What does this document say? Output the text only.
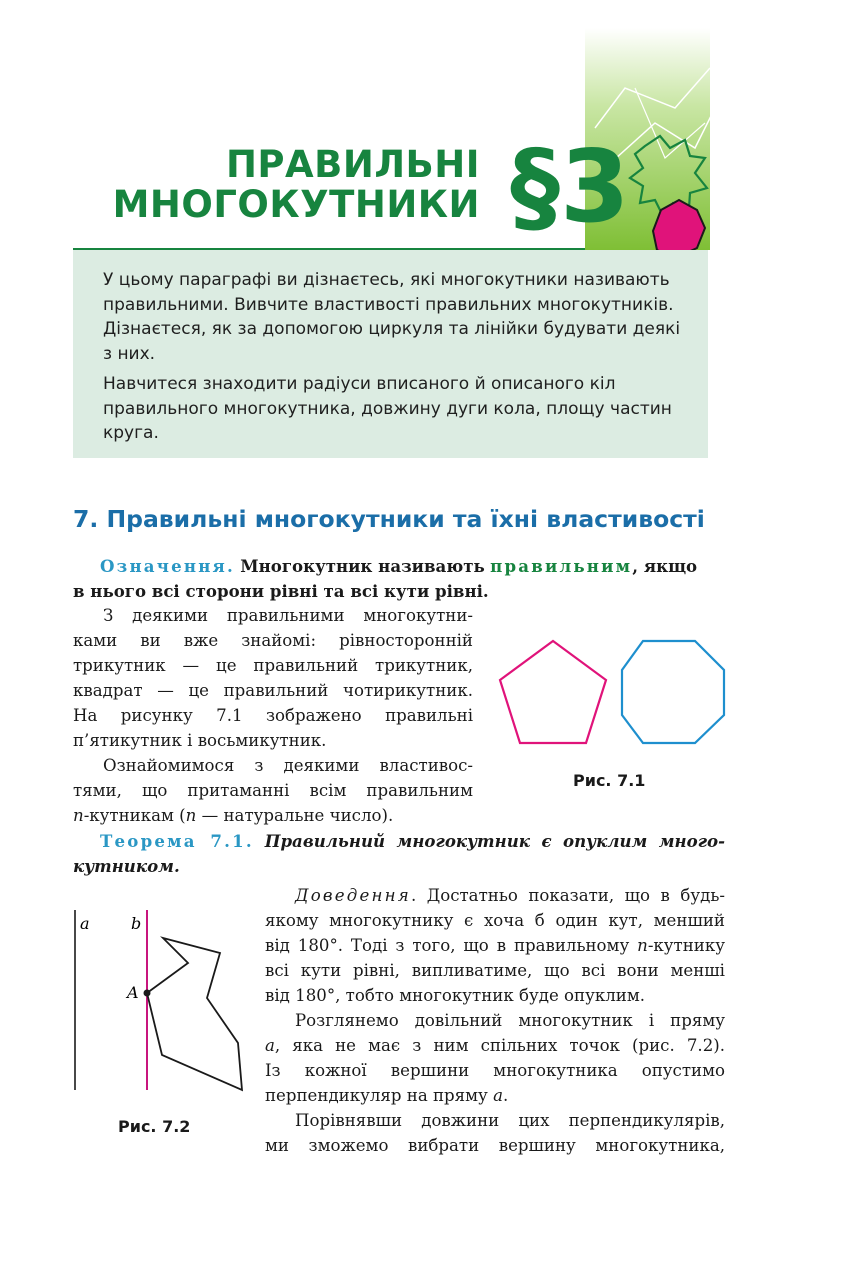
ПРАВИЛЬНІ
МНОГОКУТНИКИ §3

У цьому параграфі ви дізнаєтесь, які многокутники називають правильними. Вивчите властивості правильних многокутників. Дізнаєтеся, як за допомогою циркуля та лінійки будувати деякі з них.

Навчитеся знаходити радіуси вписаного й описаного кіл правильного многокутника, довжину дуги кола, площу частин круга.

7. Правильні многокутники та їхні властивості
Означення. Многокутник називають правильним, якщо
в нього всі сторони рівні та всі кути рівні.
З деякими правильними многокутни-
ками ви вже знайомі: рівносторонній
трикутник — це правильний трикутник,
квадрат — це правильний чотирикутник.
На рисунку 7.1 зображено правильні
п’ятикутник і восьмикутник.
Ознайомимося з деякими властивос-
тями, що притаманні всім правильним
n-кутникам (n — натуральне число).
Рис. 7.1
Теорема 7.1. Правильний многокутник є опуклим много-
кутником.
a	b
A
Рис. 7.2
Доведення. Достатньо показати, що в будь-
якому многокутнику є хоча б один кут, менший
від 180°. Тоді з того, що в правильному n-кутнику
всі кути рівні, випливатиме, що всі вони менші
від 180°, тобто многокутник буде опуклим.
Розглянемо довільний многокутник і пряму
a, яка не має з ним спільних точок (рис. 7.2).
Із кожної вершини многокутника опустимо
перпендикуляр на пряму a.
Порівнявши довжини цих перпендикулярів,
ми зможемо вибрати вершину многокутника,
